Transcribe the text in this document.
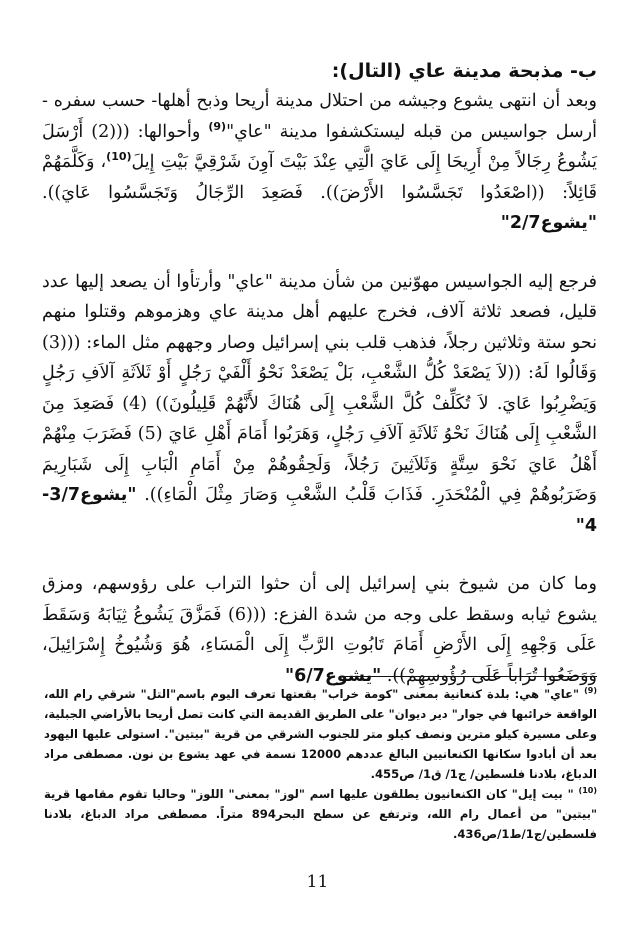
ب- مذبحة مدينة عاي (التال):

وبعد أن انتهى يشوع وجيشه من احتلال مدينة أريحا وذبح أهلها- حسب سفره - أرسل جواسيس من قبله ليستكشفوا مدينة "عاي"$^{(9)}$ وأحوالها: (((2) أَرْسَلَ يَشُوعُ رِجَالاً مِنْ أَرِيحَا إِلَى عَايَ الَّتِي عِنْدَ بَيْتَ آوِنَ شَرْقِيَّ بَيْتِ إِيلَ$^{(10)}$، وَكَلَّمَهُمْ قَائِلاً: ((اصْعَدُوا تَجَسَّسُوا الأَرْضَ)). فَصَعِدَ الرِّجَالُ وَتَجَسَّسُوا عَايَ)). "يشوع2/7"

فرجع إليه الجواسيس مهوّنين من شأن مدينة "عاي" وأرتأوا أن يصعد إليها عدد قليل، فصعد ثلاثة آلاف، فخرج عليهم أهل مدينة عاي وهزموهم وقتلوا منهم نحو ستة وثلاثين رجلاً، فذهب قلب بني إسرائيل وصار وجههم مثل الماء: (((3) وَقَالُوا لَهُ: ((لاَ يَصْعَدْ كُلُّ الشَّعْبِ، بَلْ يَصْعَدْ نَحْوُ أَلْفَيْ رَجُلٍ أَوْ ثَلاَثَةِ آلاَفِ رَجُلٍ وَيَضْرِبُوا عَايَ. لاَ تُكَلِّفْ كُلَّ الشَّعْبِ إِلَى هُنَاكَ لأَنَّهُمْ قَلِيلُونَ)) (4) فَصَعِدَ مِنَ الشَّعْبِ إِلَى هُنَاكَ نَحْوُ ثَلاَثَةِ آلاَفِ رَجُلٍ، وَهَرَبُوا أَمَامَ أَهْلِ عَايَ (5) فَضَرَبَ مِنْهُمْ أَهْلُ عَايَ نَحْوَ سِتَّةٍ وَثَلاَثِينَ رَجُلاً، وَلَحِقُوهُمْ مِنْ أَمَامِ الْبَابِ إِلَى شَبَارِيمَ وَضَرَبُوهُمْ فِي الْمُنْحَدَرِ. فَذَابَ قَلْبُ الشَّعْبِ وَصَارَ مِثْلَ الْمَاءِ)). "يشوع3/7-4"

وما كان من شيوخ بني إسرائيل إلى أن حثوا التراب على رؤوسهم، ومزق يشوع ثيابه وسقط على وجه من شدة الفزع: (((6) فَمَزَّقَ يَشُوعُ ثِيَابَهُ وَسَقَطَ عَلَى وَجْهِهِ إِلَى الأَرْضِ أَمَامَ تَابُوتِ الرَّبِّ إِلَى الْمَسَاءِ، هُوَ وَشُيُوخُ إِسْرَائِيلَ، وَوَضَعُوا تُرَاباً عَلَى رُؤُوسِهِمْ)). "يشوع6/7"

$^{(9)}$ "عاي" هي: بلدة كنعانية بمعنى "كومة خراب" بقعتها تعرف اليوم باسم"التل" شرقي رام الله، الواقعة خرائبها في جوار" دير ديوان" على الطريق القديمة التي كانت تصل أريحا بالأراضي الجبلية، وعلى مسيرة كيلو مترين ونصف كيلو متر للجنوب الشرقي من قرية "بيتين". استولى عليها اليهود بعد أن أبادوا سكانها الكنعانيين البالغ عددهم 12000 نسمة في عهد يشوع بن نون. مصطفى مراد الدباغ، بلادنا فلسطين/ ج1/ ق1/ ص455.

$^{(10)}$ " بيت إيل" كان الكنعانيون يطلقون عليها اسم "لوز" بمعنى" اللوز" وحاليا تقوم مقامها قرية "بيتين" من أعمال رام الله، وترتفع عن سطح البحر894 متراً. مصطفى مراد الدباغ، بلادنا فلسطين/ج1/ط1/ص436.

11
